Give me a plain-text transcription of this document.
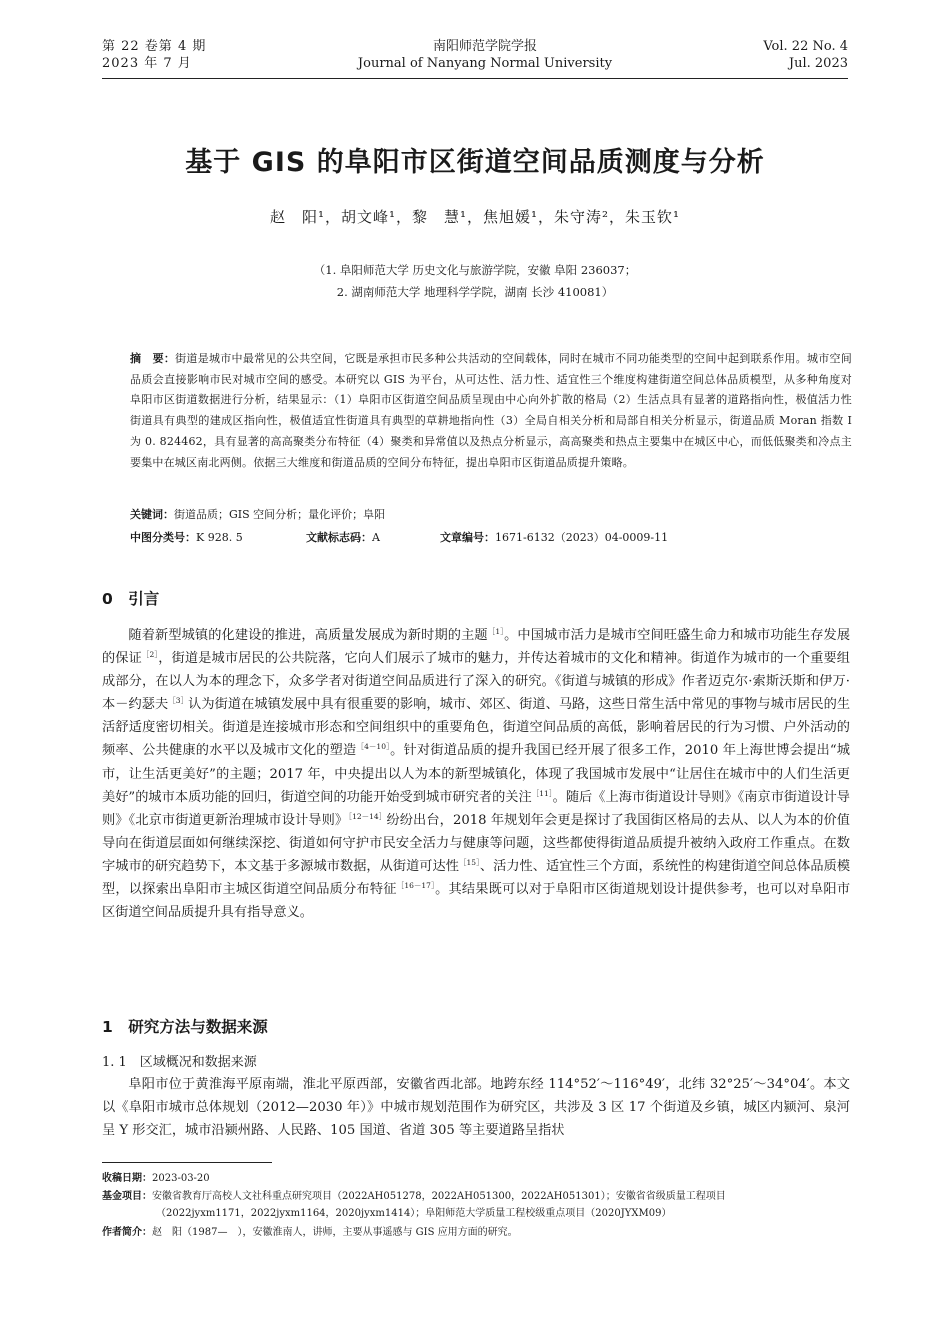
第 22 卷第 4 期
2023 年 7 月
南阳师范学院学报
Journal of Nanyang Normal University
Vol. 22 No. 4
Jul. 2023
基于 GIS 的阜阳市区街道空间品质测度与分析
赵　阳¹，胡文峰¹，黎　慧¹，焦旭媛¹，朱守涛²，朱玉钦¹
（1. 阜阳师范大学 历史文化与旅游学院，安徽 阜阳 236037；
2. 湖南师范大学 地理科学学院，湖南 长沙 410081）
摘　要：街道是城市中最常见的公共空间，它既是承担市民多种公共活动的空间载体，同时在城市不同功能类型的空间中起到联系作用。城市空间品质会直接影响市民对城市空间的感受。本研究以 GIS 为平台，从可达性、活力性、适宜性三个维度构建街道空间总体品质模型，从多种角度对阜阳市区街道数据进行分析，结果显示：（1）阜阳市区街道空间品质呈现由中心向外扩散的格局（2）生活点具有显著的道路指向性，极值活力性街道具有典型的建成区指向性，极值适宜性街道具有典型的草耕地指向性（3）全局自相关分析和局部自相关分析显示，街道品质 Moran 指数 I 为 0. 824462，具有显著的高高聚类分布特征（4）聚类和异常值以及热点分析显示，高高聚类和热点主要集中在城区中心，而低低聚类和冷点主要集中在城区南北两侧。依据三大维度和街道品质的空间分布特征，提出阜阳市区街道品质提升策略。
关键词：街道品质；GIS 空间分析；量化评价；阜阳
中图分类号：K 928. 5	文献标志码：A	文章编号：1671-6132（2023）04-0009-11
0　引言

随着新型城镇的化建设的推进，高质量发展成为新时期的主题$^{[1]}$。中国城市活力是城市空间旺盛生命力和城市功能生存发展的保证$^{[2]}$，街道是城市居民的公共院落，它向人们展示了城市的魅力，并传达着城市的文化和精神。街道作为城市的一个重要组成部分，在以人为本的理念下，众多学者对街道空间品质进行了深入的研究。《街道与城镇的形成》作者迈克尔·索斯沃斯和伊万·本－约瑟夫$^{[3]}$认为街道在城镇发展中具有很重要的影响，城市、郊区、街道、马路，这些日常生活中常见的事物与城市居民的生活舒适度密切相关。街道是连接城市形态和空间组织中的重要角色，街道空间品质的高低，影响着居民的行为习惯、户外活动的频率、公共健康的水平以及城市文化的塑造$^{[4-10]}$。针对街道品质的提升我国已经开展了很多工作，2010 年上海世博会提出“城市，让生活更美好”的主题；2017 年，中央提出以人为本的新型城镇化，体现了我国城市发展中“让居住在城市中的人们生活更美好”的城市本质功能的回归，街道空间的功能开始受到城市研究者的关注$^{[11]}$。随后《上海市街道设计导则》《南京市街道设计导则》《北京市街道更新治理城市设计导则》$^{[12-14]}$纷纷出台，2018 年规划年会更是探讨了我国街区格局的去从、以人为本的价值导向在街道层面如何继续深挖、街道如何守护市民安全活力与健康等问题，这些都使得街道品质提升被纳入政府工作重点。在数字城市的研究趋势下，本文基于多源城市数据，从街道可达性$^{[15]}$、活力性、适宜性三个方面，系统性的构建街道空间总体品质模型，以探索出阜阳市主城区街道空间品质分布特征$^{[16-17]}$。其结果既可以对于阜阳市区街道规划设计提供参考，也可以对阜阳市区街道空间品质提升具有指导意义。

1　研究方法与数据来源
1. 1　区域概况和数据来源

阜阳市位于黄淮海平原南端，淮北平原西部，安徽省西北部。地跨东经 114°52′～116°49′，北纬 32°25′～34°04′。本文以《阜阳市城市总体规划（2012—2030 年）》中城市规划范围作为研究区，共涉及 3 区 17 个街道及乡镇，城区内颍河、泉河呈 Y 形交汇，城市沿颍州路、人民路、105 国道、省道 305 等主要道路呈指状

收稿日期：2023-03-20
基金项目：安徽省教育厅高校人文社科重点研究项目（2022AH051278，2022AH051300，2022AH051301）；安徽省省级质量工程项目
（2022jyxm1171，2022jyxm1164，2020jyxm1414）；阜阳师范大学质量工程校级重点项目（2020JYXM09）
作者简介：赵　阳（1987—　），安徽淮南人，讲师，主要从事遥感与 GIS 应用方面的研究。
